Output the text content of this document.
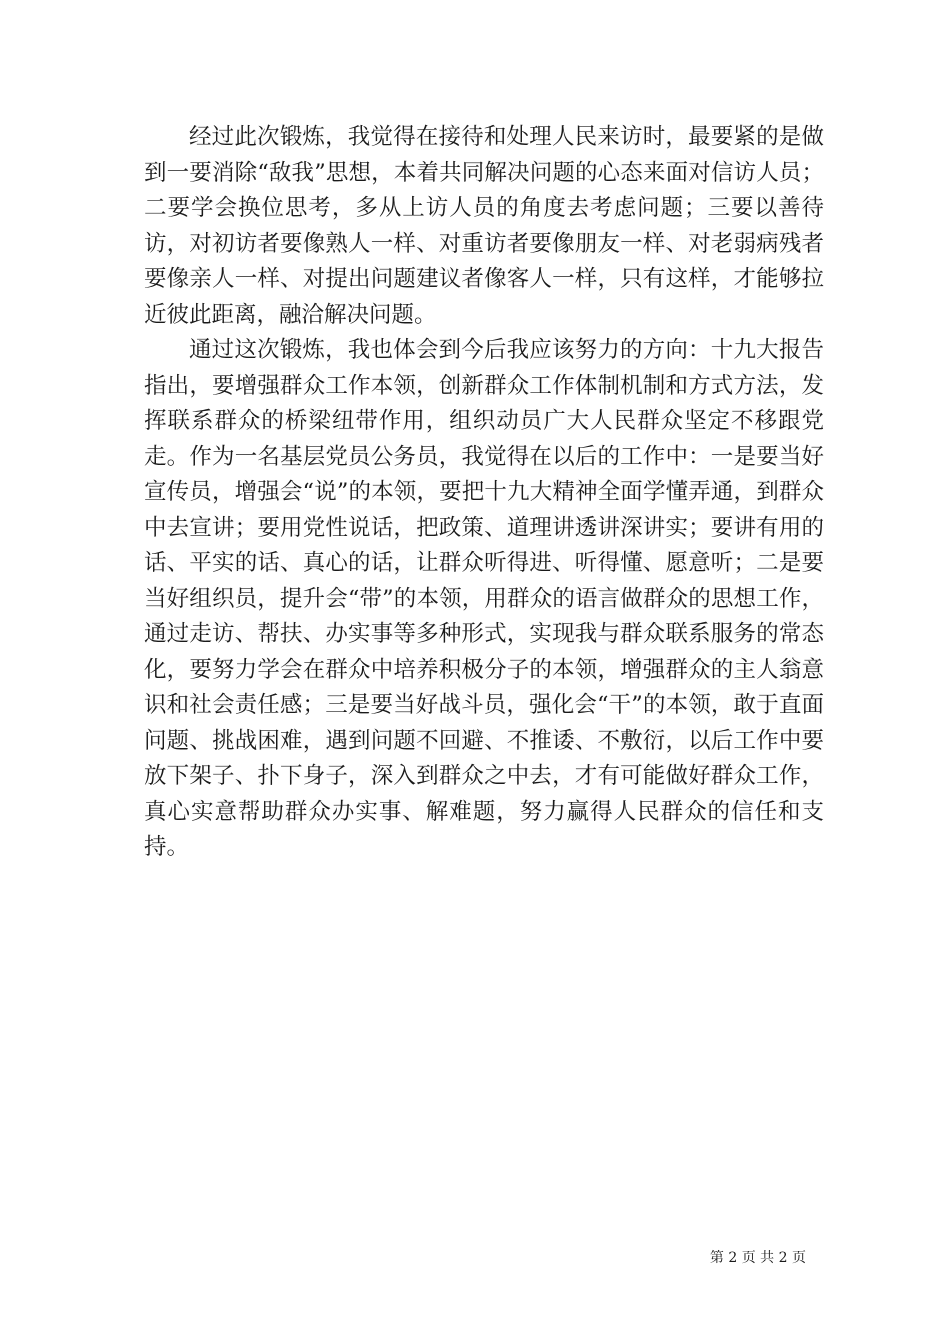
经过此次锻炼，我觉得在接待和处理人民来访时，最要紧的是做到一要消除“敌我”思想，本着共同解决问题的心态来面对信访人员；二要学会换位思考，多从上访人员的角度去考虑问题；三要以善待访，对初访者要像熟人一样、对重访者要像朋友一样、对老弱病残者要像亲人一样、对提出问题建议者像客人一样，只有这样，才能够拉近彼此距离，融洽解决问题。

通过这次锻炼，我也体会到今后我应该努力的方向：十九大报告指出，要增强群众工作本领，创新群众工作体制机制和方式方法，发挥联系群众的桥梁纽带作用，组织动员广大人民群众坚定不移跟党走。作为一名基层党员公务员，我觉得在以后的工作中：一是要当好宣传员，增强会“说”的本领，要把十九大精神全面学懂弄通，到群众中去宣讲；要用党性说话，把政策、道理讲透讲深讲实；要讲有用的话、平实的话、真心的话，让群众听得进、听得懂、愿意听；二是要当好组织员，提升会“带”的本领，用群众的语言做群众的思想工作，通过走访、帮扶、办实事等多种形式，实现我与群众联系服务的常态化，要努力学会在群众中培养积极分子的本领，增强群众的主人翁意识和社会责任感；三是要当好战斗员，强化会“干”的本领，敢于直面问题、挑战困难，遇到问题不回避、不推诿、不敷衍，以后工作中要放下架子、扑下身子，深入到群众之中去，才有可能做好群众工作，真心实意帮助群众办实事、解难题，努力赢得人民群众的信任和支持。

第 2 页 共 2 页
